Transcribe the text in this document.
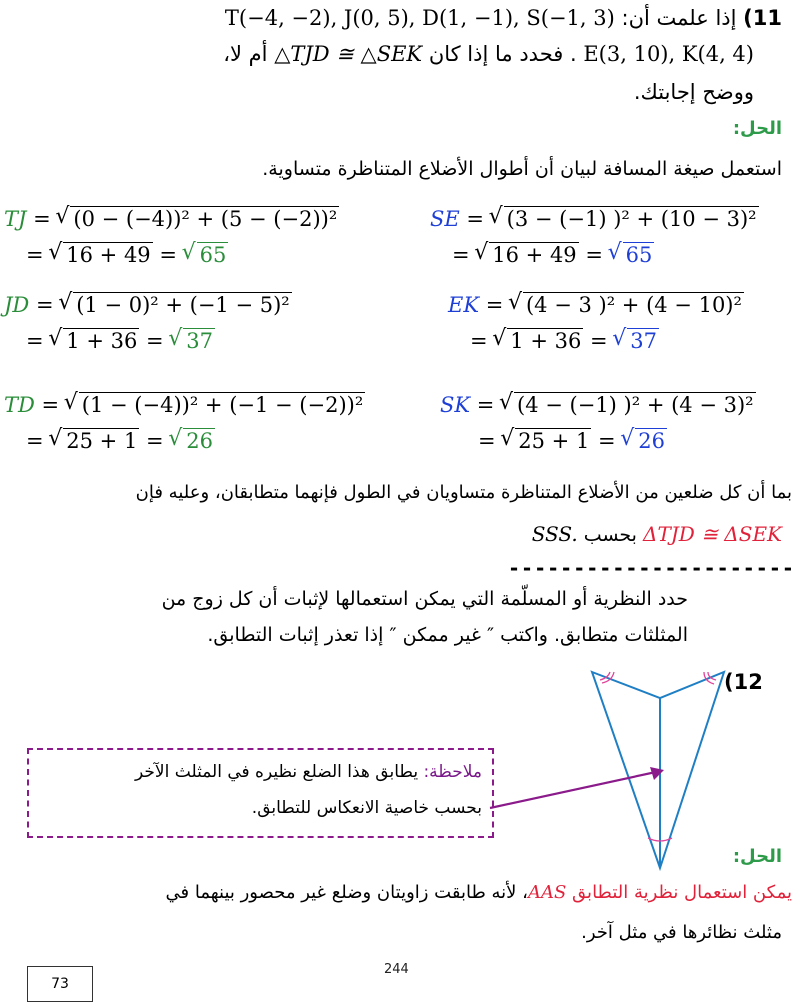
11) إذا علمت أن: T(−4, −2), J(0, 5), D(1, −1), S(−1, 3)
E(3, 10), K(4, 4) . فحدد ما إذا كان △TJD ≅ △SEK أم لا،
ووضح إجابتك.
الحل:
استعمل صيغة المسافة لبيان أن أطوال الأضلاع المتناظرة متساوية.
TJ = √ (0 − (−4))² + (5 − (−2))²
= √ 16 + 49 = √ 65
JD = √ (1 − 0)² + (−1 − 5)²
= √ 1 + 36 = √ 37
TD = √ (1 − (−4))² + (−1 − (−2))²
= √ 25 + 1 = √ 26
SE = √ (3 − (−1) )² + (10 − 3)²
= √ 16 + 49 = √ 65
EK = √ (4 − 3 )² + (4 − 10)²
= √ 1 + 36 = √ 37
SK = √ (4 − (−1) )² + (4 − 3)²
= √ 25 + 1 = √ 26
بما أن كل ضلعين من الأضلاع المتناظرة متساويان في الطول فإنهما متطابقان، وعليه فإن
ΔTJD ≅ ΔSEK بحسب SSS.
----------------------
حدد النظرية أو المسلّمة التي يمكن استعمالها لإثبات أن كل زوج من
المثلثات متطابق. واكتب ″ غير ممكن ″ إذا تعذر إثبات التطابق.
(12
ملاحظة: يطابق هذا الضلع نظيره في المثلث الآخر
بحسب خاصية الانعكاس للتطابق.
الحل:
يمكن استعمال نظرية التطابق AAS، لأنه طابقت زاويتان وضلع غير محصور بينهما في
مثلث نظائرها في مثل آخر.
244
73
